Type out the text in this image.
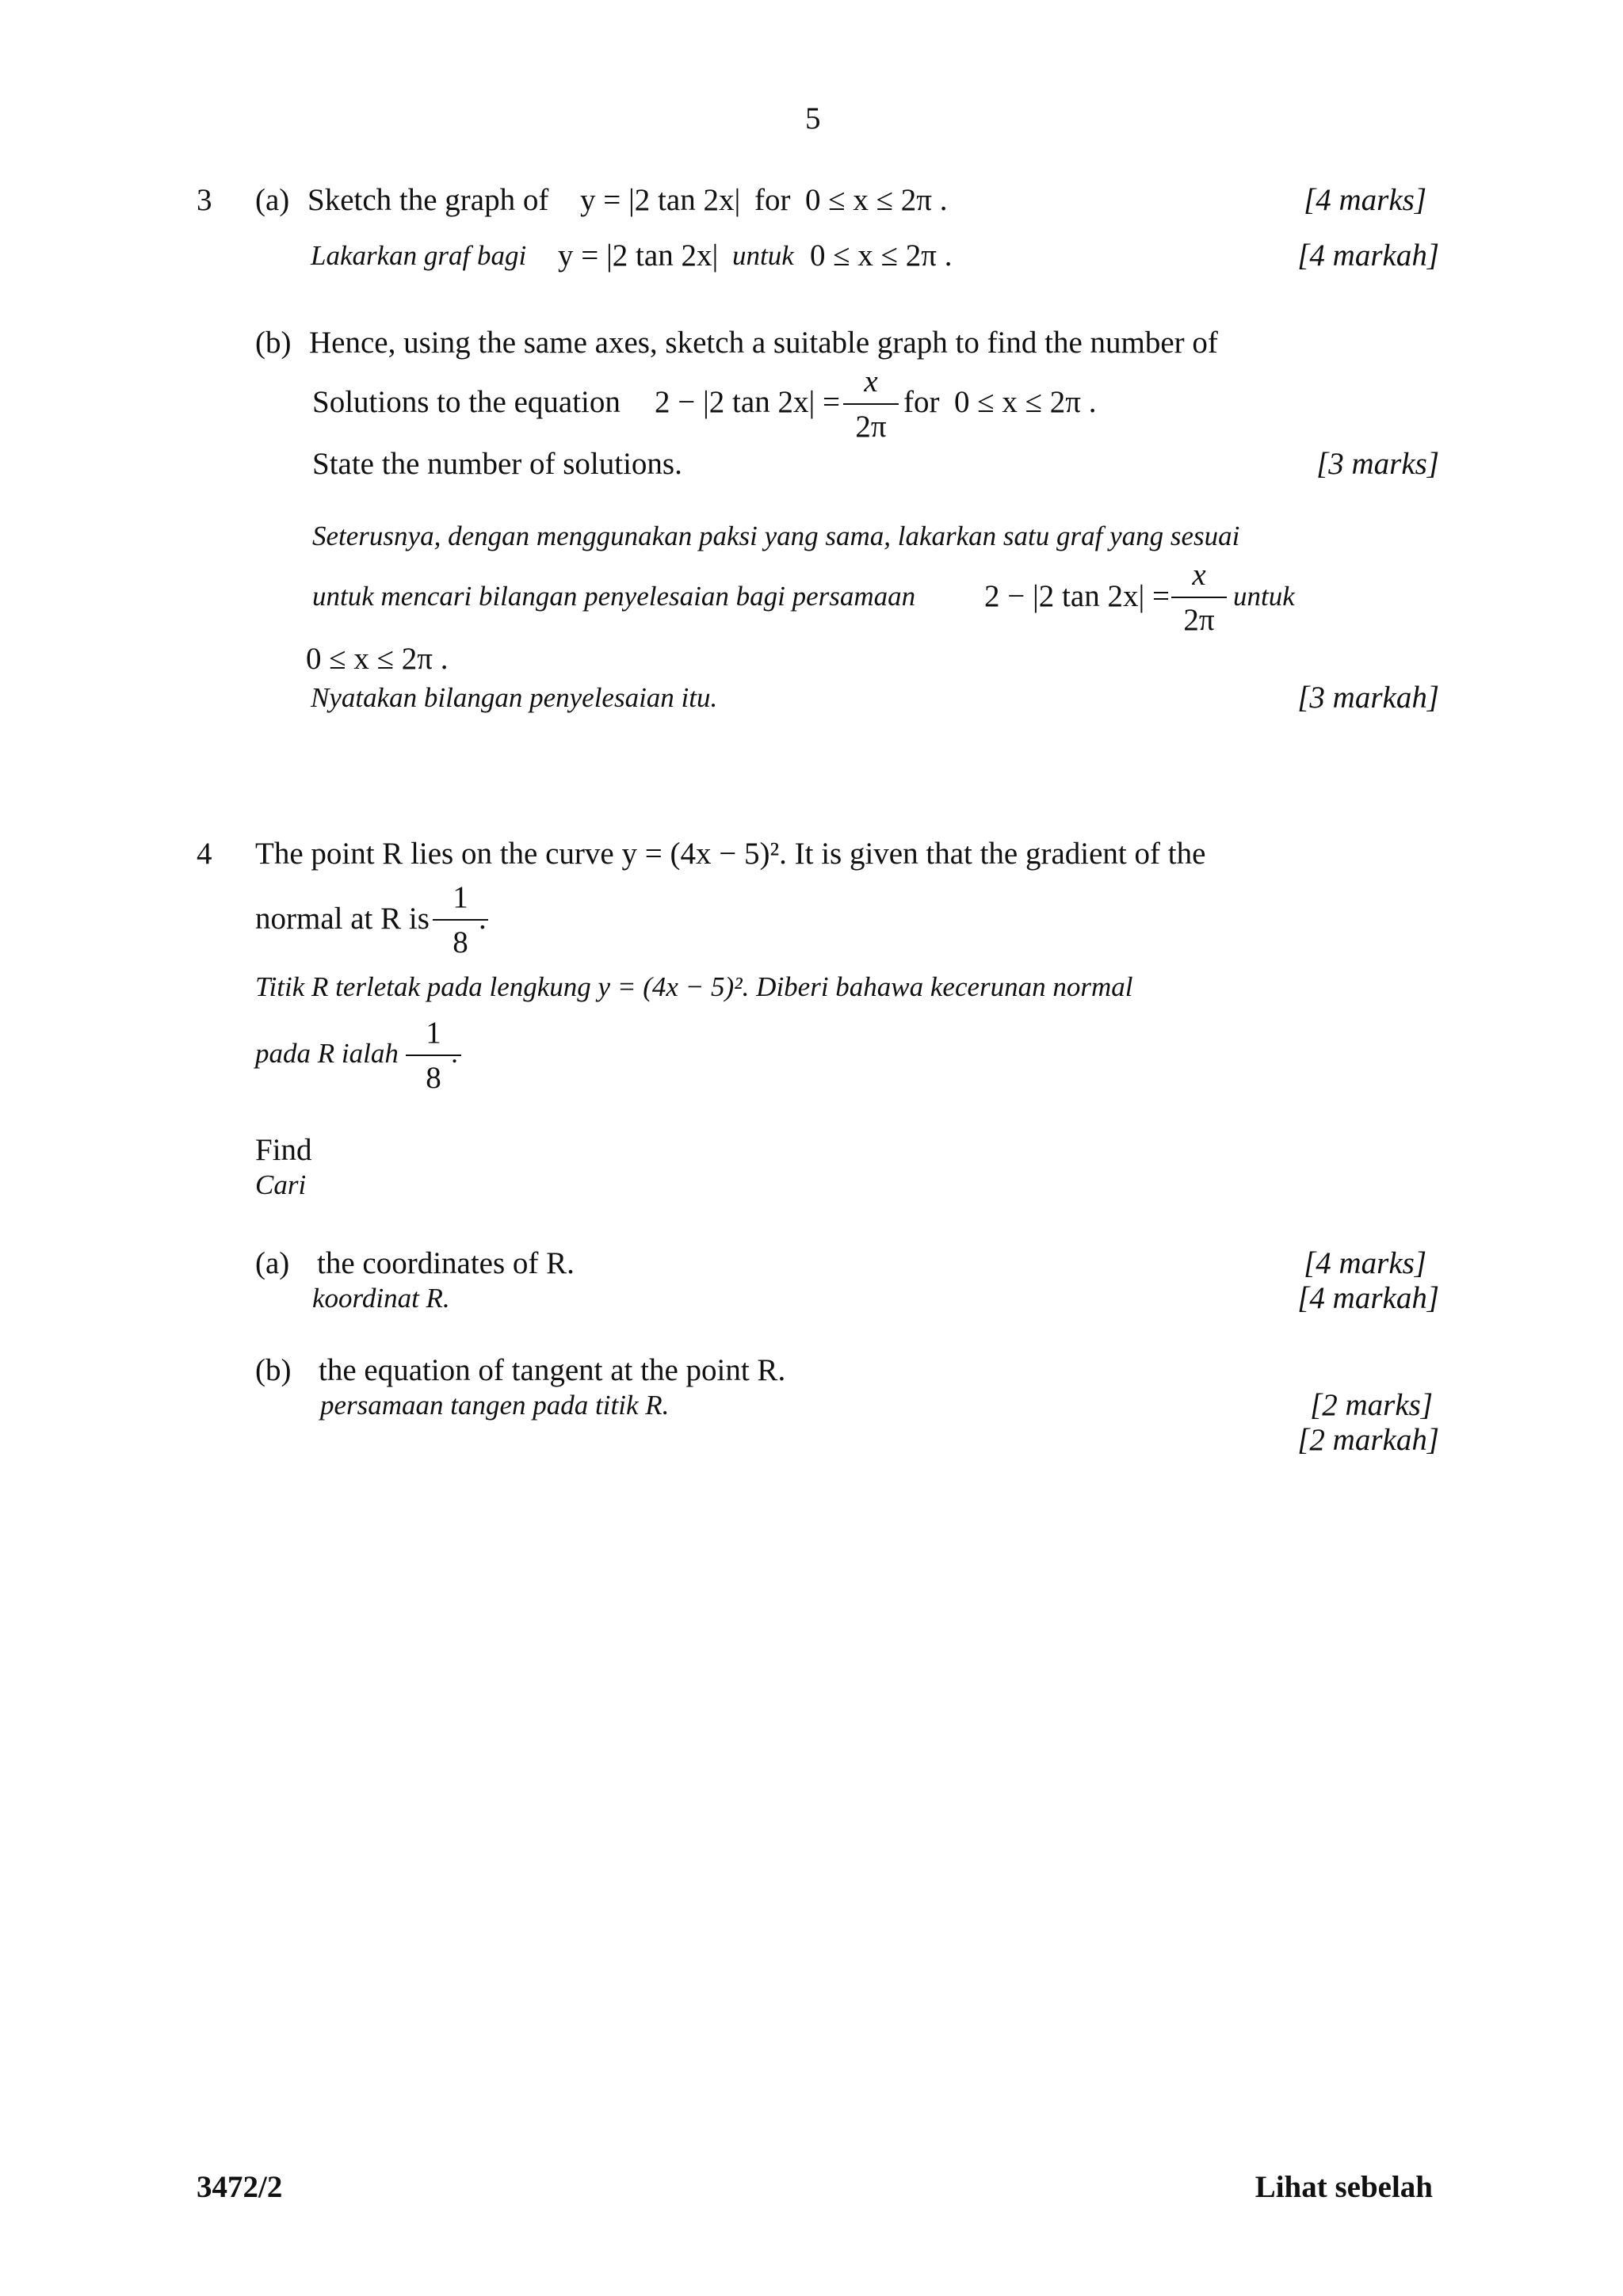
5
3 (a) Sketch the graph of y = |2 tan 2x| for 0 ≤ x ≤ 2π .	[4 marks]
Lakarkan graf bagi y = |2 tan 2x| untuk 0 ≤ x ≤ 2π .	[4 markah]
(b) Hence, using the same axes, sketch a suitable graph to find the number of
Solutions to the equation 2 − |2 tan 2x| =
x
2π
for 0 ≤ x ≤ 2π .
State the number of solutions.	[3 marks]
Seterusnya, dengan menggunakan paksi yang sama, lakarkan satu graf yang sesuai
untuk mencari bilangan penyelesaian bagi persamaan 2 − |2 tan 2x| =
x
2π
untuk
0 ≤ x ≤ 2π .
Nyatakan bilangan penyelesaian itu.	[3 markah]
4 The point R lies on the curve y = (4x − 5)². It is given that the gradient of the
normal at R is
1
8
.
Titik R terletak pada lengkung y = (4x − 5)². Diberi bahawa kecerunan normal
pada R ialah
1
8
.
Find
Cari
(a) the coordinates of R.	[4 marks]
koordinat R.	[4 markah]
(b) the equation of tangent at the point R.
persamaan tangen pada titik R.	[2 marks]
[2 markah]
3472/2	Lihat sebelah
